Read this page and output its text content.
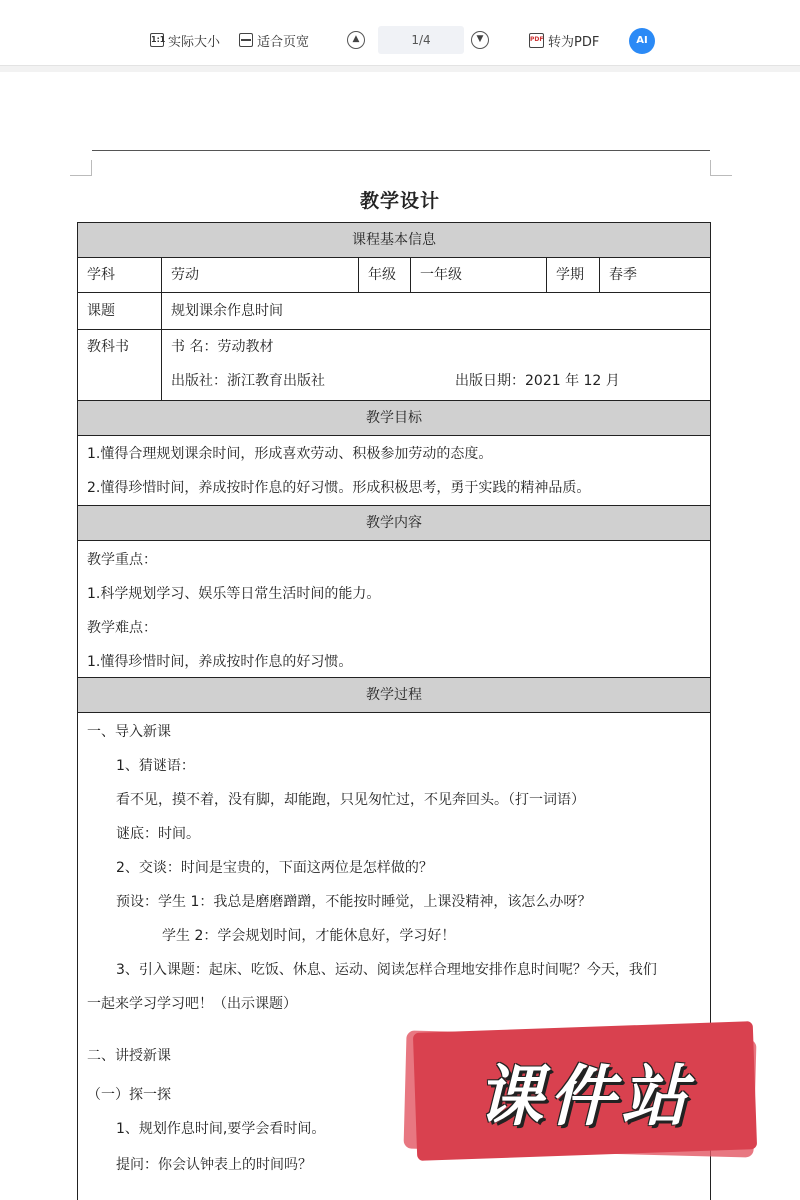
1:1 实际大小	适合页宽	▲	1/4	▼	PDF 转为PDF	AI
教学设计
课程基本信息
学科	劳动	年级	一年级	学期	春季
课题	规划课余作息时间
教科书	书 名：劳动教材
出版社：浙江教育出版社	出版日期：2021 年 12 月
教学目标
1.懂得合理规划课余时间，形成喜欢劳动、积极参加劳动的态度。
2.懂得珍惜时间，养成按时作息的好习惯。形成积极思考，勇于实践的精神品质。
教学内容
教学重点：
1.科学规划学习、娱乐等日常生活时间的能力。
教学难点：
1.懂得珍惜时间，养成按时作息的好习惯。
教学过程
一、导入新课
1、猜谜语：
看不见，摸不着，没有脚，却能跑，只见匆忙过，不见奔回头。（打一词语）
谜底：时间。
2、交谈：时间是宝贵的，下面这两位是怎样做的？
预设：学生 1：我总是磨磨蹭蹭，不能按时睡觉，上课没精神，该怎么办呀？
学生 2：学会规划时间，才能休息好，学习好！
3、引入课题：起床、吃饭、休息、运动、阅读怎样合理地安排作息时间呢？今天，我们
一起来学习学习吧！（出示课题）
二、讲授新课
（一）探一探
1、规划作息时间,要学会看时间。
提问：你会认钟表上的时间吗？
课件站
